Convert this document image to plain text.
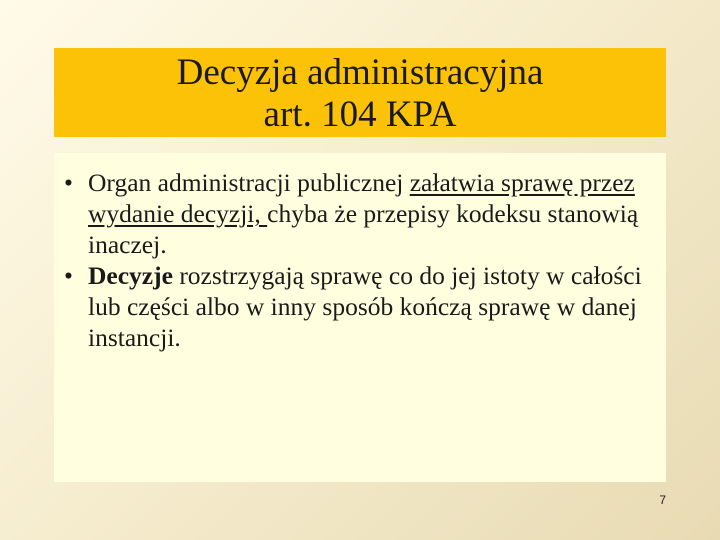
Decyzja administracyjna
art. 104 KPA
• Organ administracji publicznej załatwia sprawę przez wydanie decyzji, chyba że przepisy kodeksu stanowią inaczej.
• Decyzje rozstrzygają sprawę co do jej istoty w całości lub części albo w inny sposób kończą sprawę w danej instancji.
7
